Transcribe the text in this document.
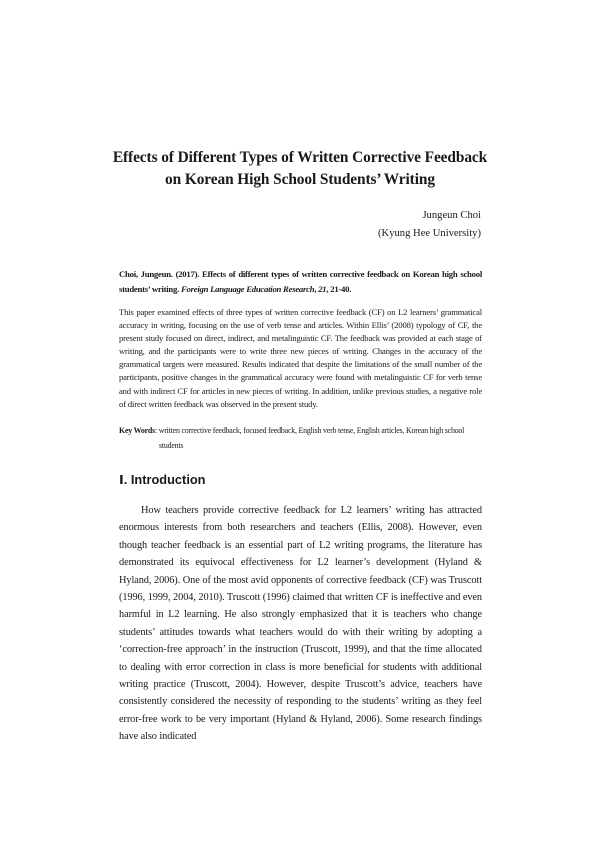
Effects of Different Types of Written Corrective Feedback
on Korean High School Students’ Writing
Jungeun Choi
(Kyung Hee University)
Choi, Jungeun. (2017). Effects of different types of written corrective feedback on Korean high school students’ writing. Foreign Language Education Research, 21, 21-40.
This paper examined effects of three types of written corrective feedback (CF) on L2 learners’ grammatical accuracy in writing, focusing on the use of verb tense and articles. Within Ellis’ (2008) typology of CF, the present study focused on direct, indirect, and metalinguistic CF. The feedback was provided at each stage of writing, and the participants were to write three new pieces of writing. Changes in the accuracy of the grammatical targets were measured. Results indicated that despite the limitations of the small number of the participants, positive changes in the grammatical accuracy were found with metalinguistic CF for verb tense and with indirect CF for articles in new pieces of writing. In addition, unlike previous studies, a negative role of direct written feedback was observed in the present study.
Key Words: written corrective feedback, focused feedback, English verb tense, English articles, Korean high school
students
Ⅰ. Introduction
How teachers provide corrective feedback for L2 learners’ writing has attracted enormous interests from both researchers and teachers (Ellis, 2008). However, even though teacher feedback is an essential part of L2 writing programs, the literature has demonstrated its equivocal effectiveness for L2 learner’s development (Hyland & Hyland, 2006). One of the most avid opponents of corrective feedback (CF) was Truscott (1996, 1999, 2004, 2010). Truscott (1996) claimed that written CF is ineffective and even harmful in L2 learning. He also strongly emphasized that it is teachers who change students’ attitudes towards what teachers would do with their writing by adopting a ‘correction-free approach’ in the instruction (Truscott, 1999), and that the time allocated to dealing with error correction in class is more beneficial for students with additional writing practice (Truscott, 2004). However, despite Truscott’s advice, teachers have consistently considered the necessity of responding to the students’ writing as they feel error-free work to be very important (Hyland & Hyland, 2006). Some research findings have also indicated
